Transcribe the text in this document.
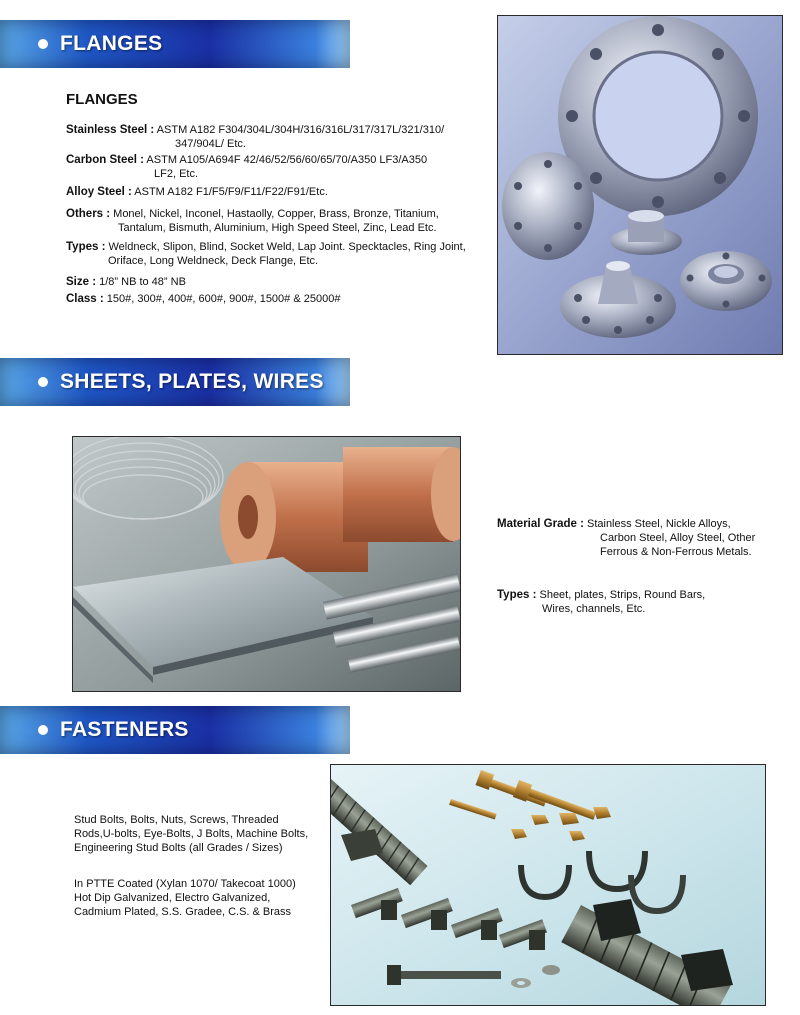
FLANGES
FLANGES
Stainless Steel : ASTM A182 F304/304L/304H/316/316L/317/317L/321/310/
347/904L/ Etc.
Carbon Steel : ASTM A105/A694F 42/46/52/56/60/65/70/A350 LF3/A350
LF2, Etc.
Alloy Steel : ASTM A182 F1/F5/F9/F11/F22/F91/Etc.
Others : Monel, Nickel, Inconel, Hastaolly, Copper, Brass, Bronze, Titanium,
Tantalum, Bismuth, Aluminium, High Speed Steel, Zinc, Lead Etc.
Types : Weldneck, Slipon, Blind, Socket Weld, Lap Joint. Specktacles, Ring Joint,
Oriface, Long Weldneck, Deck Flange, Etc.
Size : 1/8” NB to 48” NB
Class : 150#, 300#, 400#, 600#, 900#, 1500# & 25000#
SHEETS, PLATES, WIRES
Material Grade : Stainless Steel, Nickle Alloys,
Carbon Steel, Alloy Steel, Other
Ferrous & Non-Ferrous Metals.
Types : Sheet, plates, Strips, Round Bars,
Wires, channels, Etc.
FASTENERS
Stud Bolts, Bolts, Nuts, Screws, Threaded
Rods,U-bolts, Eye-Bolts, J Bolts, Machine Bolts,
Engineering Stud Bolts (all Grades / Sizes)
In PTTE Coated (Xylan 1070/ Takecoat 1000)
Hot Dip Galvanized, Electro Galvanized,
Cadmium Plated, S.S. Gradee, C.S. & Brass
